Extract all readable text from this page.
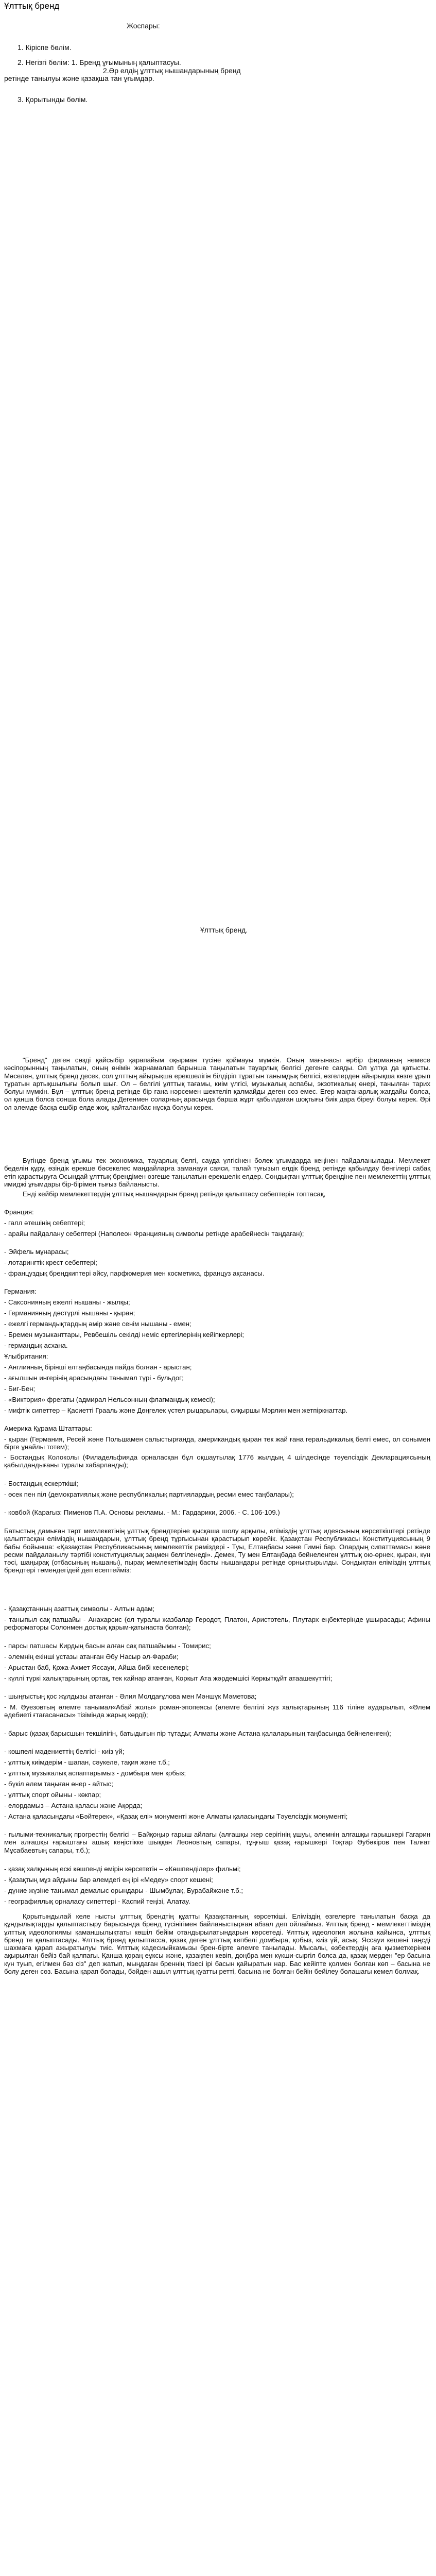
Ұлттық бренд
Жоспары:
1. Кіріспе бөлім.
2. Негізгі бөлім: 1. Бренд ұғымының қалыптасуы.
2.Әр елдің ұлттық нышандарының бренд
ретінде танылуы және қазақша тан ұғымдар.
3. Қорытынды бөлім.
Ұлттық бренд.
"Бренд" деген сөзді қайсыбір қарапайым оқырман түсіне қоймауы мүмкін. Оның мағынасы әрбір фирманың немесе кәсіпорынның таңылатын, оның өнімін жарнамалап барынша таңылатын тауарлық белгісі дегенге саяды. Ол ұлтқа да қатысты. Мәселен, ұлттық бренд десек, сол ұлттың айырықша ерекшелігін білдіріп тұратын танымдық белгісі, өзгелерден айырықша көзге ұрып тұратын артықшылығы болып шығ. Ол – белгілі ұлттық тағамы, киім үлгісі, музыкалық аспабы, экзотикалық өнері, танылған тарих болуы мүмкін. Бұл – ұлттық бренд ретінде бір ғана нәрсемен шектеліп қалмайды деген сөз емес. Егер мақтанарлық жағдайы болса, ол қанша болса сонша бола алады.Дегенмен соларның арасында барша жұрт қабылдаған шоқтығы биік дара біреуі болуы керек. Әрі ол әлемде басқа ешбір елде жоқ, қайталанбас нұсқа болуы керек.
Бүгінде бренд ұғымы тек экономика, тауарлық белгі, сауда үлгісінен бөлек ұғымдарда кеңінен пайдаланылады. Мемлекет беделін құру, өзіндік ерекше бәсекелес маңдайларға заманауи саяси, талай туғызып елдік бренд ретінде қабылдау бенгілері сабақ етіп қарастыруға Осындай ұлттық брендімен өзгеше таңылатын ерекшелік елдер. Сондықтан ұлттық брендіне пен мемлекеттің ұлттық имиджі ұғымдары бір-бірімен тығыз байланысты.
Енді кейбір мемлекеттердің ұлттық нышандарын бренд ретінде қалыптасу себептерін топтасақ,
Франция:
- галл әтешінің себептері;
- арайы пайдалану себептері (Наполеон Францияның символы ретінде арабейнесін таңдаған);
- Эйфель мұнарасы;
- лотарингтік крест себептері;
- француздық брендкиптері әйсу, парфюмерия мен косметика, француз ақсанасы.
Германия:
- Саксонияның ежелгі нышаны - жылқы;
- Германияның дәстүрлі нышаны - қыран;
- ежелгі германдықтардың әмір және сенім нышаны - емен;
- Бремен музыканттары, Ревбешіль секілді неміс ертегілерінің кейіпкерлері;
- германдық асхана.
Ұлыбритания:
- Англияның бірінші елтаңбасында пайда болған - арыстан;
- ағылшын ингерінің арасындағы танымал түрі - бульдог;
- Биг-Бен;
- «Виктория» фрегаты (адмирал Нельсонның флагмандық кемесі);
- мифтік сипеттер – Қасиетті Грааль және Дөңгелек үстел рыцарьлары, сиқыршы Мэрлин мен жетпіркнагтар.
Америка Құрама Штаттары:
- қыран (Германия, Ресей және Польшамен салыстырғанда, американдық қыран тек жай ғана геральдикалық белгі емес, ол сонымен бірге ұнайлы тотем);
- Бостандық Колоколы (Филадельфияда орналасқан бұл оқшаутылақ 1776 жылдың 4 шілдесінде тәуелсіздік Декларациясының қабылдандығаны туралы хабарланды);
- Бостандық ескерткіші;
- өсек пен піл (демократиялық және республикалық партиялардың ресми емес таңбалары);
- ковбой (Карағыз: Пименов П.А. Основы рекламы. - М.: Гардарики, 2006. - С. 106-109.)
Батыстың дамыған тәрт мемлекетінің ұлттық брендтеріне қысқаша шолу арқылы, еліміздің ұлттық идеясының көрсеткіштері ретінде қалыптасқан еліміздің нышандарын, ұлттық бренд тұрғысынан қарастырып көрейік. Қазақстан Республикасы Конституциясының 9 бабы бойынша: «Қазақстан Республикасының мемлекеттік рәміздері - Туы, Елтаңбасы және Гимні бар. Олардың сипаттамасы және ресми пайдаланылу тәртібі конституциялық заңмен белгіленеді». Демек, Ту мен Елтаңбада бейнеленген ұлттық ою-өрнек, қыран, күн тәсі, шаңырақ (отбасының нышаны), пырақ мемлекетіміздің басты нышандары ретінде орнықтырылды. Сондықтан еліміздің ұлттық брендтері төмендегідей деп есептейміз:
- Қазақстанның азаттық символы - Алтын адам;
- таныпыл сақ патшайы - Анахарсис (ол туралы жазбалар Геродот, Платон, Аристотель, Плутарх еңбектерінде ұшырасады; Афины реформаторы Солонмен достық қарым-қатынаста болған);
- парсы патшасы Кирдың басын алған сақ патшайымы - Томирис;
- әлемнің екінші ұстазы атанған Әбу Насыр әл-Фараби;
- Арыстан баб, Қожа-Ахмет Яссауи, Айша бибі кесенелері;
- күллі түркі халықтарының ортақ, тек кайнар атанған, Коркыт Ата жәрдемшісі Көркытқұйт атаашекүттігі;
- шыңғыстың қос жұлдызы атанған - Әлия Молдағұлова мен Мәншүк Мәметова;
- М. Әуезовтың әлемге танымал«Абай жолы» роман-эпопеясы (әлемге белгілі жүз халықтарының 116 тіліне аударылып, «Әлем әдебиеті ғтағасанасы» тізімінда жарық көрді);
- барыс (қазақ барысшын текшілігін, батыдығын пір тұтады; Алматы және Астана қалаларының таңбасында бейнеленген);
- көшпелі мәдениеттің белгісі - киіз үй;
- ұлттық киімдерім - шапан, сәукеле, тақия және т.б.;
- ұлттық музыкалық аспаптарымыз - домбыра мен қобыз;
- бүкіл әлем таңыған өнер - айтыс;
- ұлттық спорт ойыны - көкпар;
- елордамыз – Астана қаласы және Ақорда;
- Астана қаласындағы «Бәйтерек», «Қазақ елі» монументі және Алматы қаласындағы Тәуелсіздік монументі;
- ғылыми-техникалық прогрестің белгісі – Байқоңыр ғарыш айлағы (алғашқы жер серігінің ұшуы, әлемнің алғашқы ғарышкері Гагарин мен алғашқы ғарыштағы ашық кеңістікке шыққан Леоновтың сапары, тұңғыш қазақ ғарышкері Тоқтар Әубәкіров пен Талғат Мұсабаевтың сапары, т.б.);
- қазақ халқының ескі көшпенді өмірін көрсететін – «Көшпенділер» фильмі;
- Қазақтың мұз айдыны бар әлемдегі ең ірі «Медеу» спорт кешені;
- дүние жүзіне танымал демалыс орындары - Шымбұлақ, Бурабайжәне т.б.;
- географиялық орналасу сипеттері - Каспий теңізі, Алатау.
Қорытындылай келе нысты ұлттық брендтің құатты Қазақстанның көрсеткіші. Еліміздің өзгелерге танылатын басқа да құндылықтарды қалыптастыру барысында бренд түсінігімен байланыстырған абзал деп ойлаймыз. Ұлттық бренд - мемлекеттіміздің ұлттық идеологиямы қаманшылықтаты көшіл бейім отандырылатындарын көрсетеді. Ұлттық идеология жолына кайынса, ұлттық бренд те қалыптасады. Ұлттық бренд қалыптасса, қазақ деген ұлттық кепбелі домбыра, қобыз, киіз үй, асық, Яссауи кешені таңсді шахмаға қарап ажыратылуы тиіс. Ұлттық кадесиыйкамызы брен-бірте әлемге танылады. Мысалы, өзбектердің аға қызметкерінен ақырылған бейіз бай қалпағы. Қанша қораң еұксы және, қазақпен кевіп, доңбра мен күкши-сыргіл болса да, қазақ мерден "ер басына күн туып, егілмен бәз сіз" деп жатып, мыңдаған бреннің тізесі ірі басын қайыратын нар. Бас кейіпте қолмен болған көп – басына не болу деген сөз. Басына қарап болады, бәйден ашыл ұлттық қуатты ретті, басына не болған бейін бейілеу болашағы кемел болмақ.
